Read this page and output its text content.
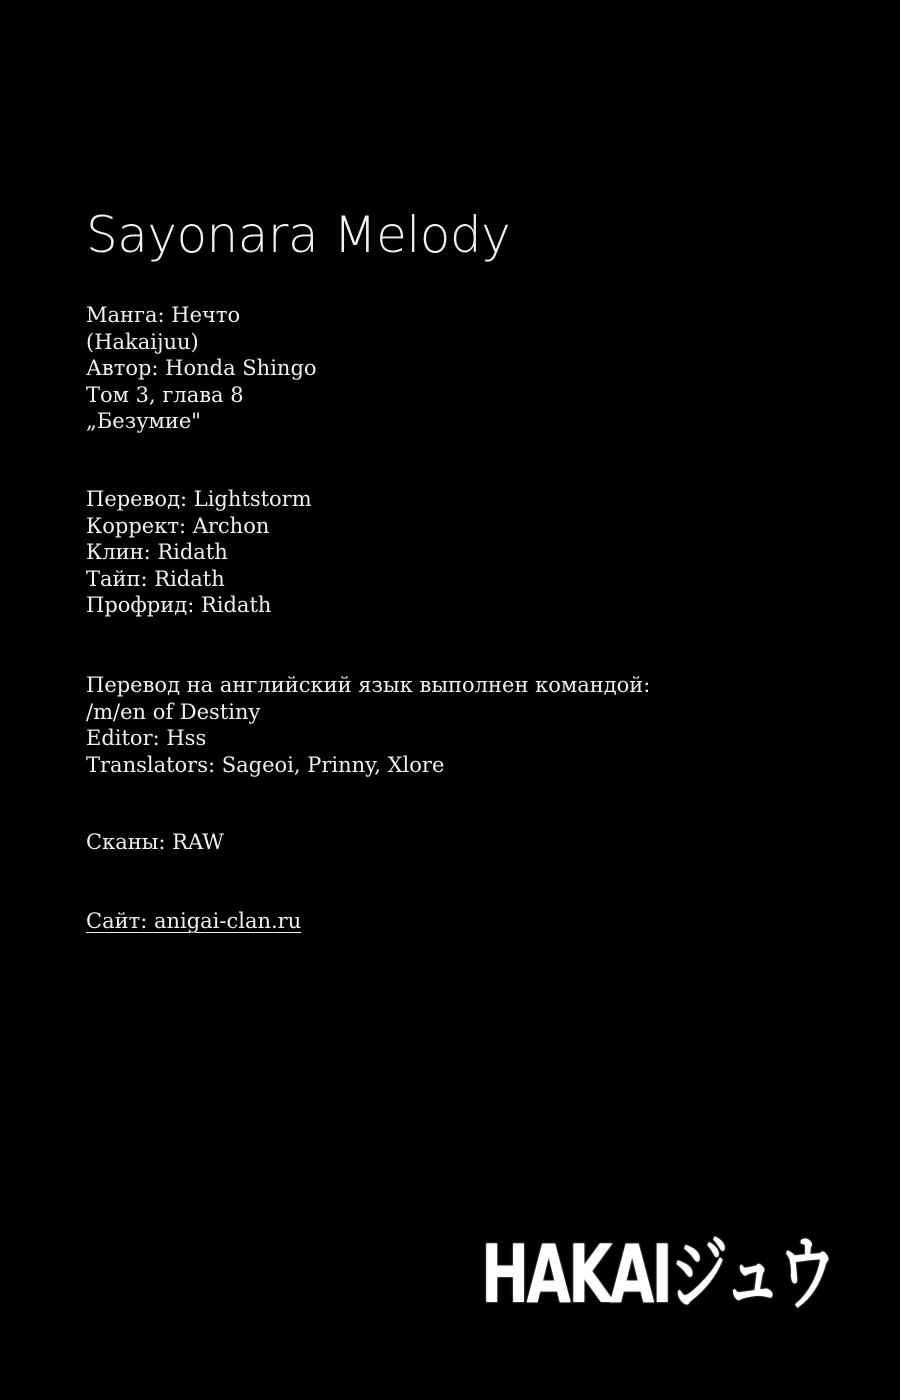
Sayonara Melody
Манга: Нечто
(Hakaijuu)
Автор: Honda Shingo
Том 3, глава 8
„Безумие"
Перевод: Lightstorm
Коррект: Archon
Клин: Ridath
Тайп: Ridath
Профрид: Ridath
Перевод на английский язык выполнен командой:
/m/en of Destiny
Editor: Hss
Translators: Sageoi, Prinny, Xlore
Сканы: RAW
Сайт: anigai-clan.ru
HAKAIジュウ
